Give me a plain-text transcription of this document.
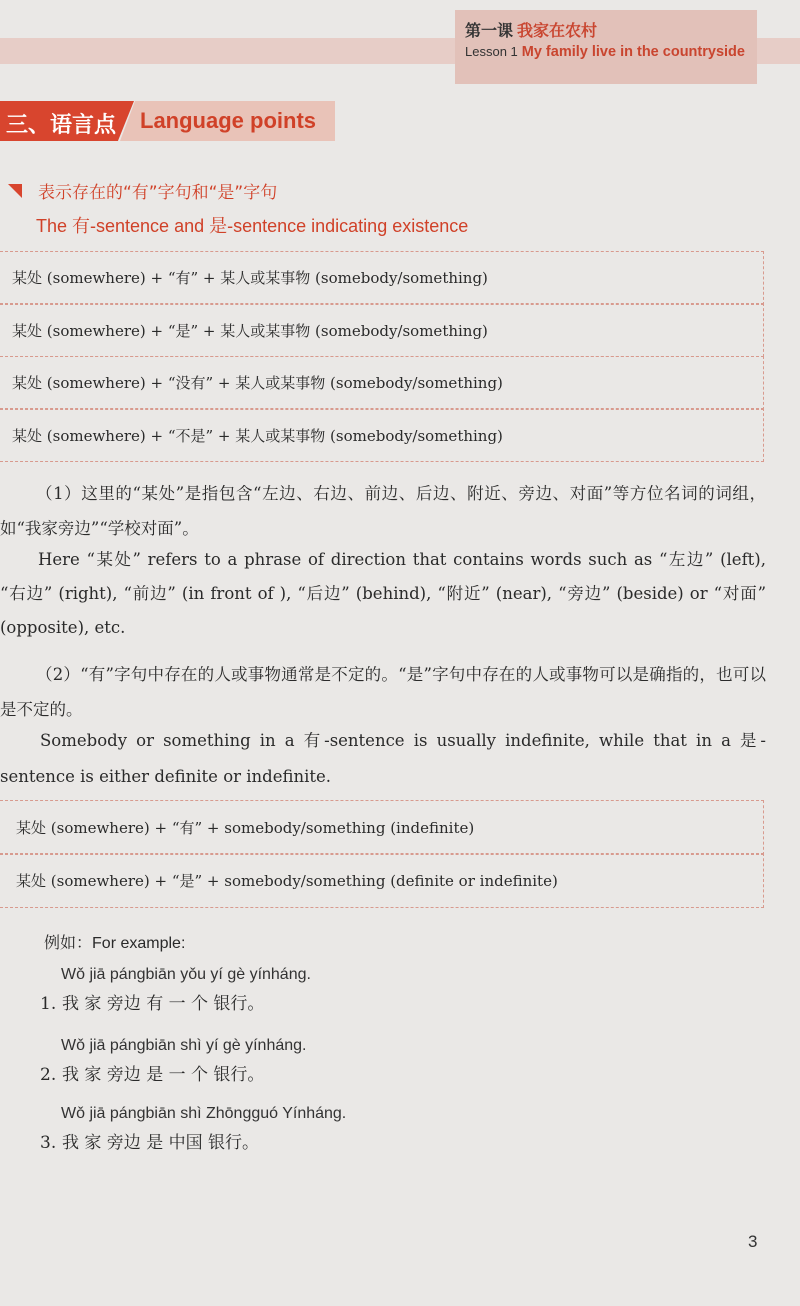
第一课 我家在农村
Lesson 1 My family live in the countryside
三、语言点 Language points
表示存在的“有”字句和“是”字句
The 有-sentence and 是-sentence indicating existence
某处 (somewhere) + “有” + 某人或某事物 (somebody/something)
某处 (somewhere) + “是” + 某人或某事物 (somebody/something)
某处 (somewhere) + “没有” + 某人或某事物 (somebody/something)
某处 (somewhere) + “不是” + 某人或某事物 (somebody/something)
（1）这里的“某处”是指包含“左边、右边、前边、后边、附近、旁边、对面”等方位名词的词组，如“我家旁边”“学校对面”。
Here “某处” refers to a phrase of direction that contains words such as “左边” (left), “右边” (right), “前边” (in front of ), “后边” (behind), “附近” (near), “旁边” (beside) or “对面” (opposite), etc.
（2）“有”字句中存在的人或事物通常是不定的。“是”字句中存在的人或事物可以是确指的，也可以是不定的。
Somebody or something in a 有-sentence is usually indefinite, while that in a 是-sentence is either definite or indefinite.
某处 (somewhere) + “有” + somebody/something (indefinite)
某处 (somewhere) + “是” + somebody/something (definite or indefinite)
例如：For example:
Wǒ jiā pángbiān yǒu yí gè yínháng.
1. 我 家 旁边 有 一 个 银行。
Wǒ jiā pángbiān shì yí gè yínháng.
2. 我 家 旁边 是 一 个 银行。
Wǒ jiā pángbiān shì Zhōngguó Yínháng.
3. 我 家 旁边 是 中国 银行。
3
